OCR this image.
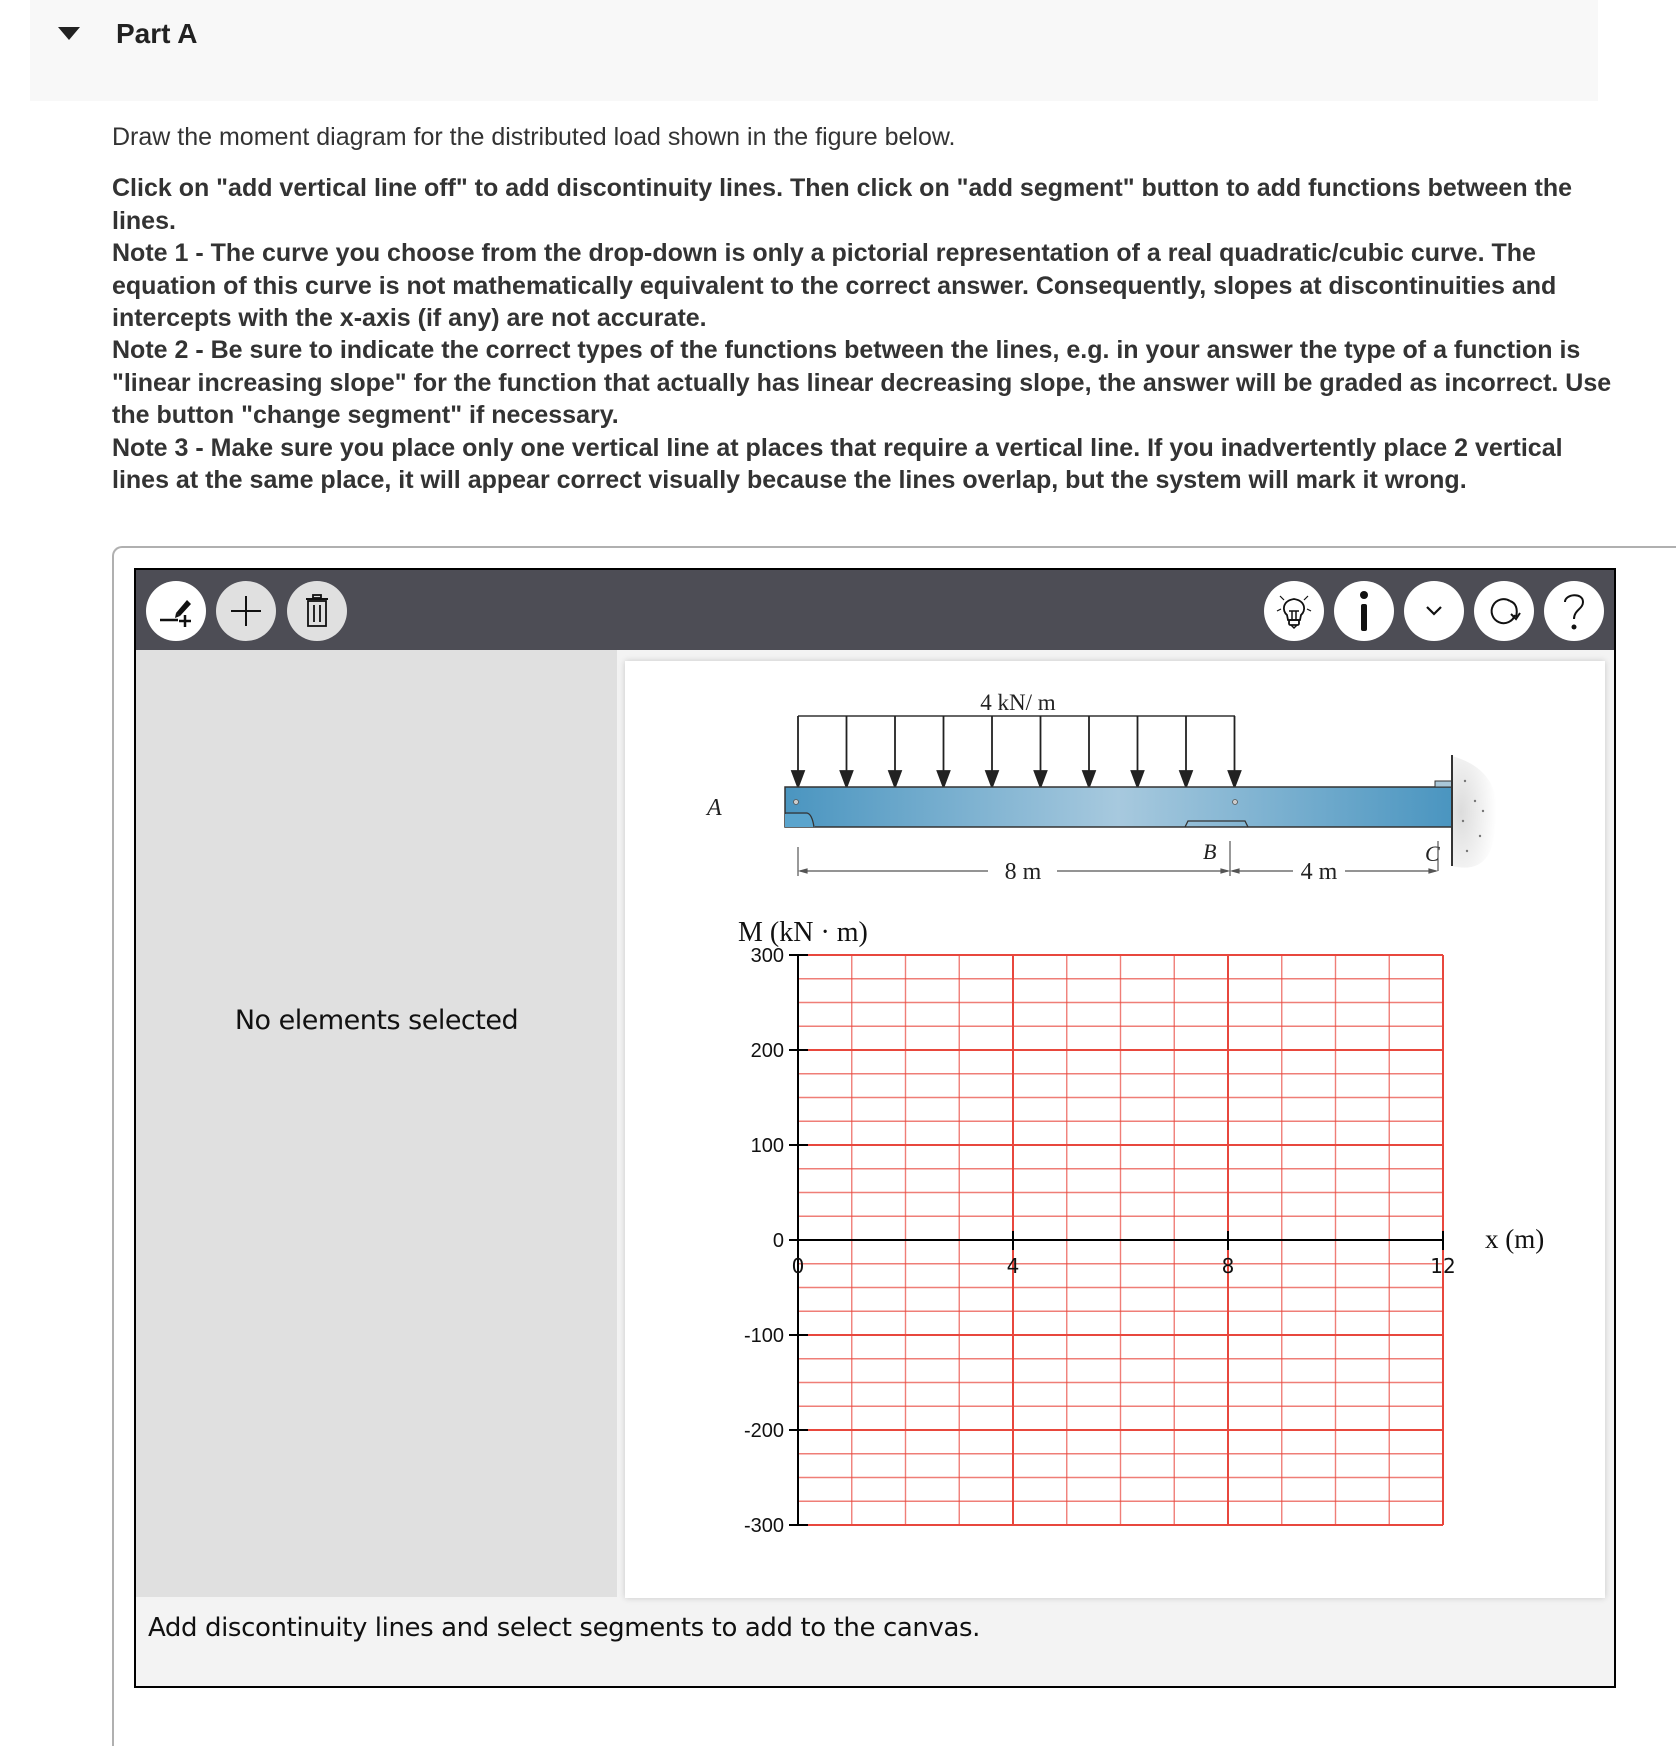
Part A
Draw the moment diagram for the distributed load shown in the figure below.

Click on "add vertical line off" to add discontinuity lines. Then click on "add segment" button to add functions between the lines.

Note 1 - The curve you choose from the drop-down is only a pictorial representation of a real quadratic/cubic curve. The equation of this curve is not mathematically equivalent to the correct answer. Consequently, slopes at discontinuities and intercepts with the x-axis (if any) are not accurate.

Note 2 - Be sure to indicate the correct types of the functions between the lines, e.g. in your answer the type of a function is "linear increasing slope" for the function that actually has linear decreasing slope, the answer will be graded as incorrect. Use the button "change segment" if necessary.

Note 3 - Make sure you place only one vertical line at places that require a vertical line. If you inadvertently place 2 vertical lines at the same place, it will appear correct visually because the lines overlap, but the system will mark it wrong.

No elements selected
4 kN/ m
A
B	C
8 m	4 m
M (kN · m)
300
200
100
0
-100
-200
-300
0	4	8	12
x (m)
Add discontinuity lines and select segments to add to the canvas.
